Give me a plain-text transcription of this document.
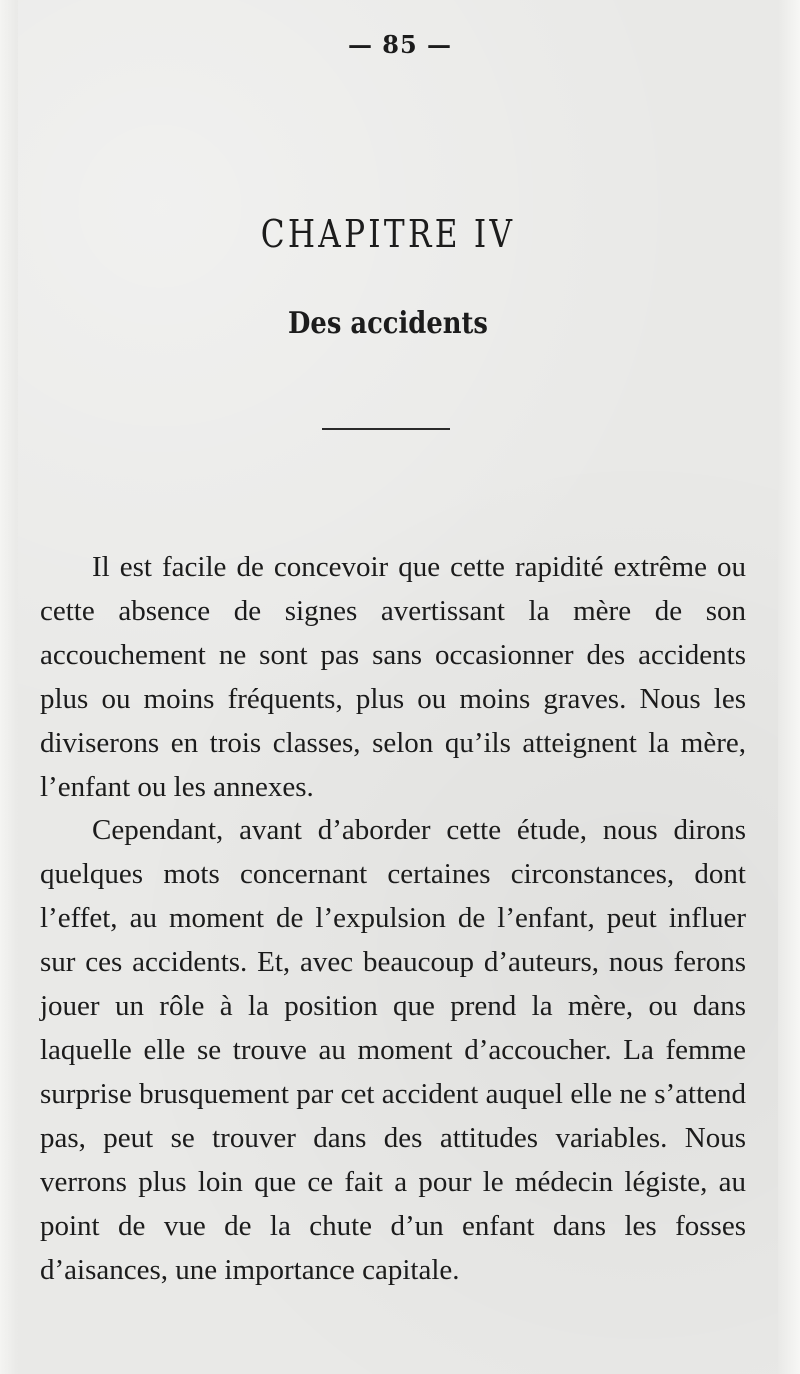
— 85 —
CHAPITRE IV
Des accidents

Il est facile de concevoir que cette rapidité extrême ou cette absence de signes avertissant la mère de son accouchement ne sont pas sans occasionner des accidents plus ou moins fréquents, plus ou moins graves. Nous les diviserons en trois classes, selon qu’ils atteignent la mère, l’enfant ou les annexes.

Cependant, avant d’aborder cette étude, nous dirons quelques mots concernant certaines circonstances, dont l’effet, au moment de l’expulsion de l’enfant, peut influer sur ces accidents. Et, avec beaucoup d’auteurs, nous ferons jouer un rôle à la position que prend la mère, ou dans laquelle elle se trouve au moment d’accoucher. La femme surprise brusquement par cet accident auquel elle ne s’attend pas, peut se trouver dans des attitudes variables. Nous verrons plus loin que ce fait a pour le médecin légiste, au point de vue de la chute d’un enfant dans les fosses d’aisances, une importance capitale.
